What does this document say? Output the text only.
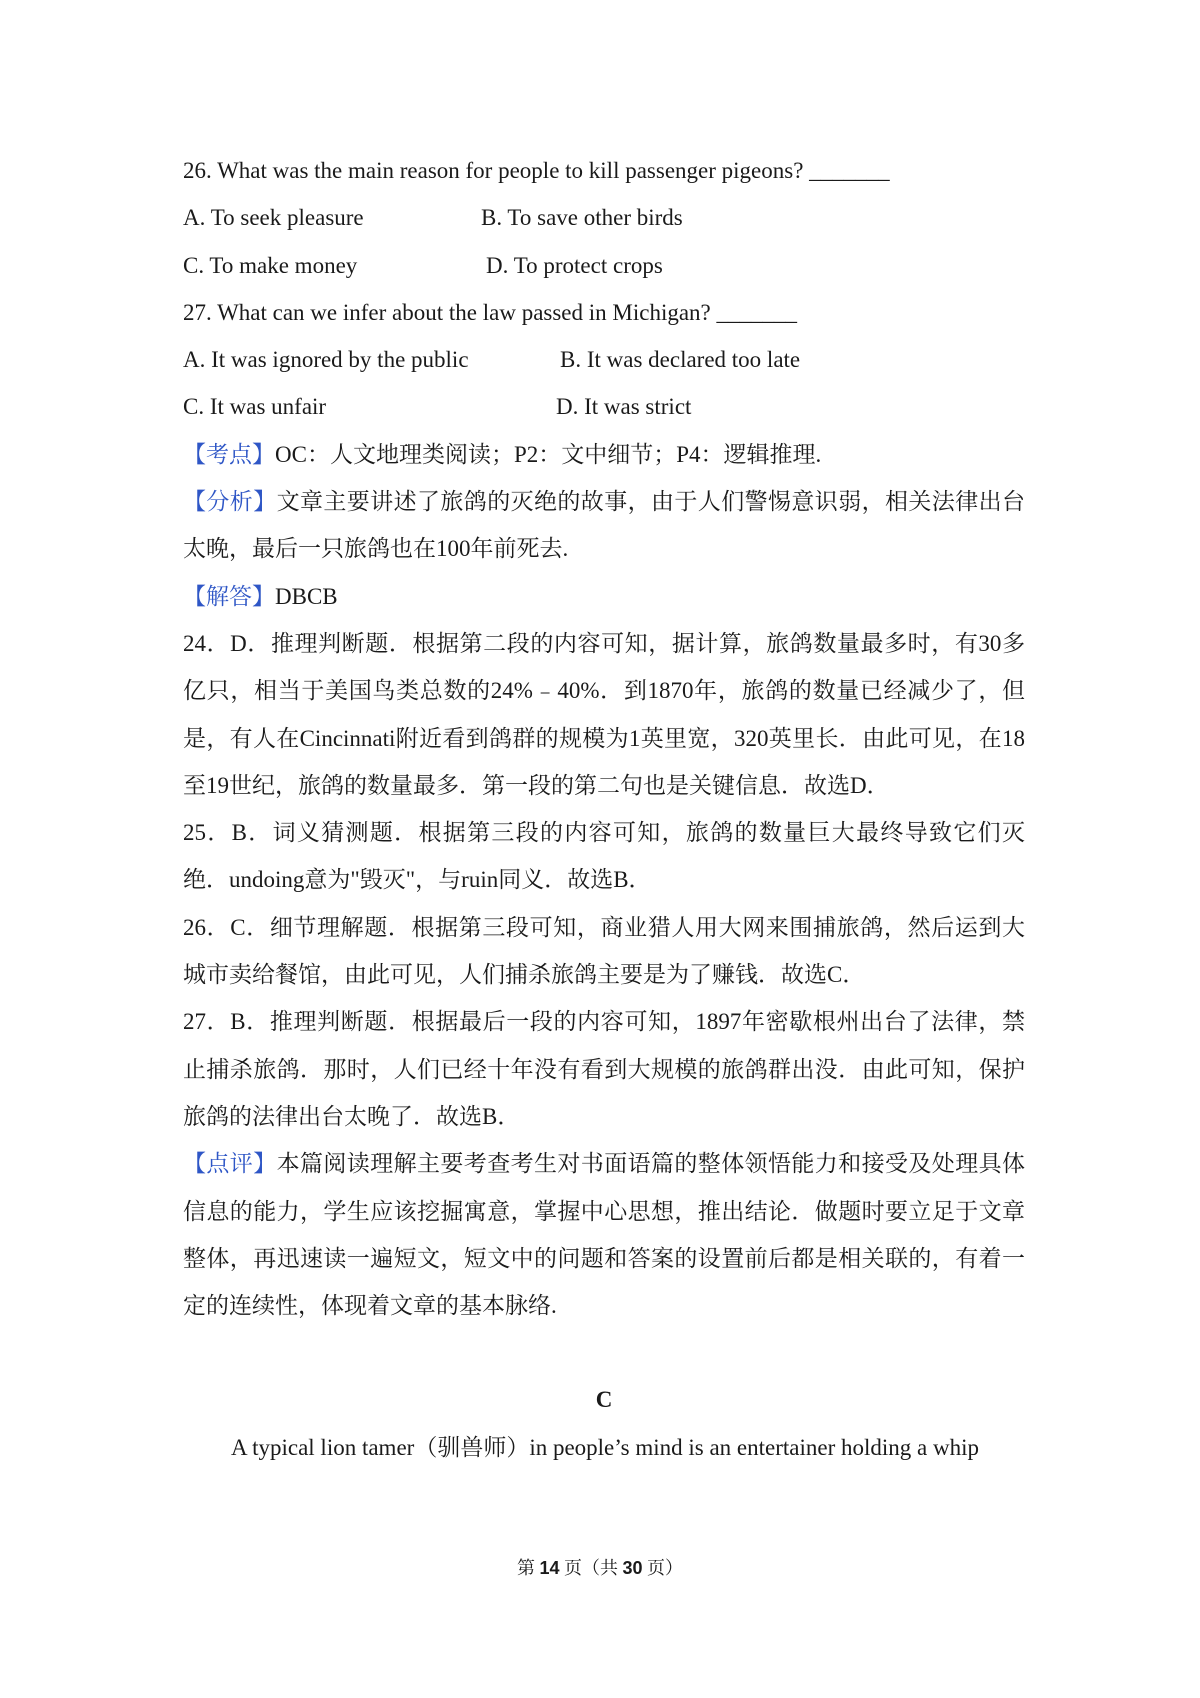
26. What was the main reason for people to kill passenger pigeons? _______
A. To seek pleasure	B. To save other birds
C. To make money	D. To protect crops
27. What can we infer about the law passed in Michigan? _______
A. It was ignored by the public	B. It was declared too late
C. It was unfair	D. It was strict
【考点】OC：人文地理类阅读；P2：文中细节；P4：逻辑推理.
【分析】文章主要讲述了旅鸽的灭绝的故事，由于人们警惕意识弱，相关法律出台太晚，最后一只旅鸽也在100年前死去.
【解答】DBCB
24．D．推理判断题．根据第二段的内容可知，据计算，旅鸽数量最多时，有30多亿只，相当于美国鸟类总数的24%﹣40%．到1870年，旅鸽的数量已经减少了，但是，有人在Cincinnati附近看到鸽群的规模为1英里宽，320英里长．由此可见，在18至19世纪，旅鸽的数量最多．第一段的第二句也是关键信息．故选D．
25．B．词义猜测题．根据第三段的内容可知，旅鸽的数量巨大最终导致它们灭绝．undoing意为"毁灭"，与ruin同义．故选B．
26．C．细节理解题．根据第三段可知，商业猎人用大网来围捕旅鸽，然后运到大城市卖给餐馆，由此可见，人们捕杀旅鸽主要是为了赚钱．故选C．
27．B．推理判断题．根据最后一段的内容可知，1897年密歇根州出台了法律，禁止捕杀旅鸽．那时，人们已经十年没有看到大规模的旅鸽群出没．由此可知，保护旅鸽的法律出台太晚了．故选B．
【点评】本篇阅读理解主要考查考生对书面语篇的整体领悟能力和接受及处理具体信息的能力，学生应该挖掘寓意，掌握中心思想，推出结论．做题时要立足于文章整体，再迅速读一遍短文，短文中的问题和答案的设置前后都是相关联的，有着一定的连续性，体现着文章的基本脉络.
C
A typical lion tamer（驯兽师）in people’s mind is an entertainer holding a whip
第 14 页（共 30 页）
